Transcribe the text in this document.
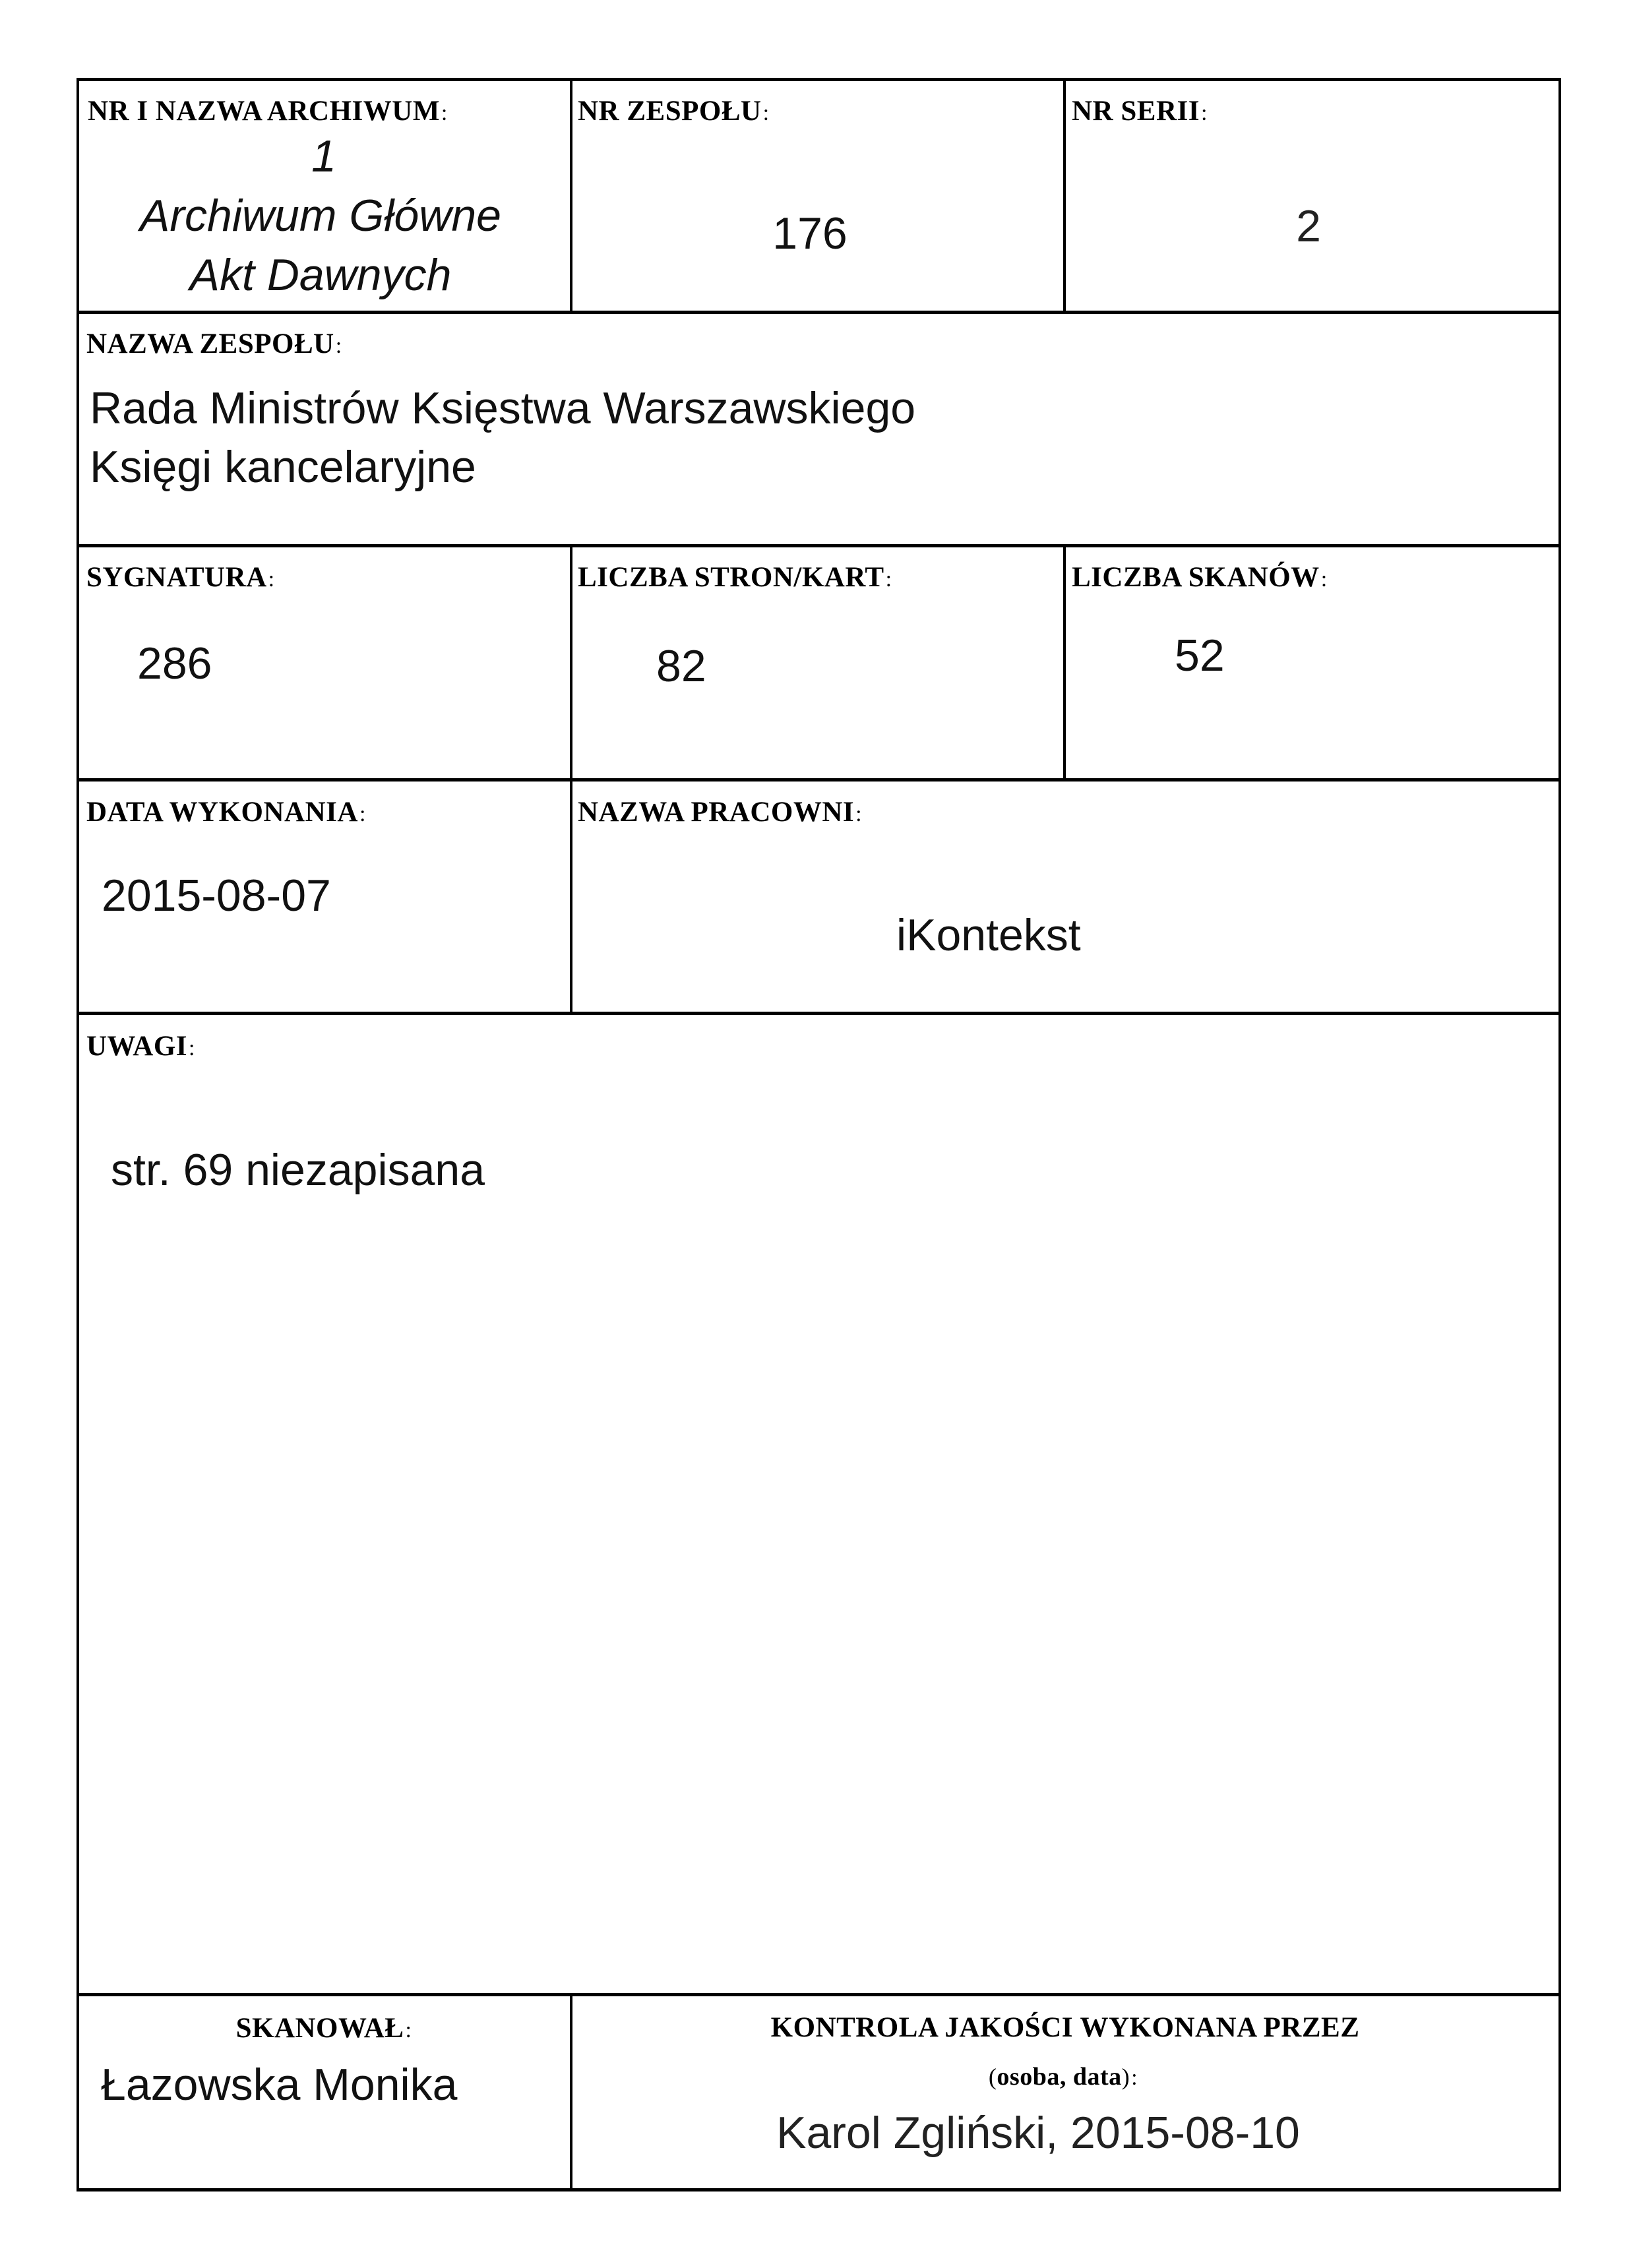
NR I NAZWA ARCHIWUM:
1
Archiwum Główne
Akt Dawnych
NR ZESPOŁU:
176
NR SERII:
2
NAZWA ZESPOŁU:
Rada Ministrów Księstwa Warszawskiego
Księgi kancelaryjne
SYGNATURA:
286
LICZBA STRON/KART:
82
LICZBA SKANÓW:
52
DATA WYKONANIA:
2015-08-07
NAZWA PRACOWNI:
iKontekst
UWAGI:
str. 69 niezapisana
SKANOWAŁ:
Łazowska Monika
KONTROLA JAKOŚCI WYKONANA PRZEZ
(osoba, data):
Karol Zgliński, 2015-08-10
